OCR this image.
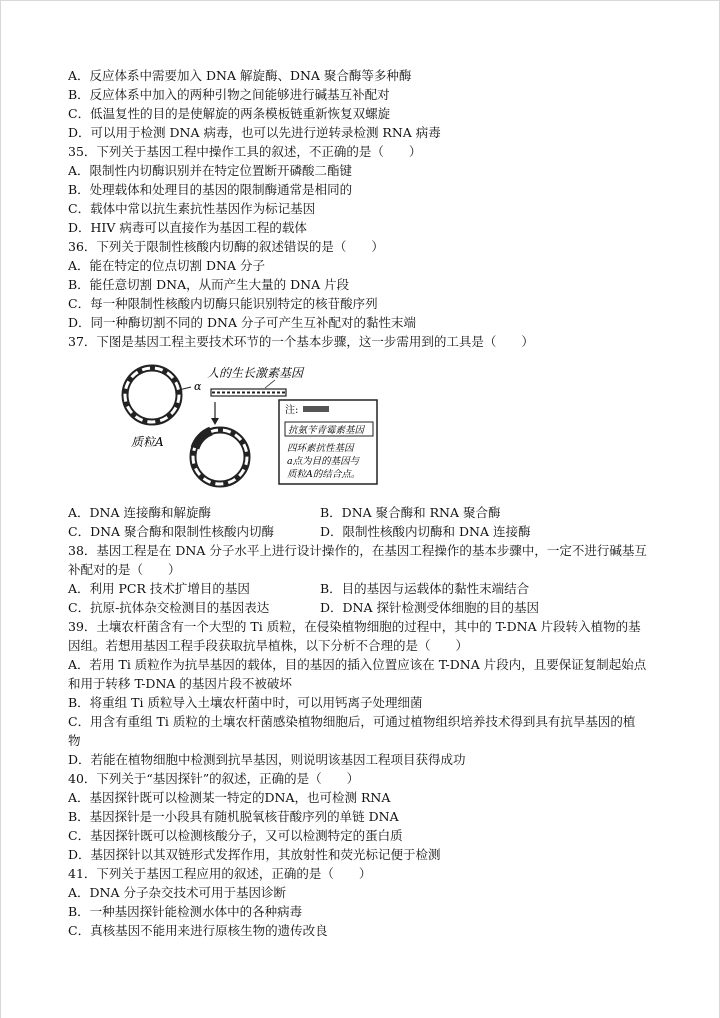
A．反应体系中需要加入 DNA 解旋酶、DNA 聚合酶等多种酶
B．反应体系中加入的两种引物之间能够进行碱基互补配对
C．低温复性的目的是使解旋的两条模板链重新恢复双螺旋
D．可以用于检测 DNA 病毒，也可以先进行逆转录检测 RNA 病毒
35．下列关于基因工程中操作工具的叙述，不正确的是（　　）
A．限制性内切酶识别并在特定位置断开磷酸二酯键
B．处理载体和处理目的基因的限制酶通常是相同的
C．载体中常以抗生素抗性基因作为标记基因
D．HIV 病毒可以直接作为基因工程的载体
36．下列关于限制性核酸内切酶的叙述错误的是（　　）
A．能在特定的位点切割 DNA 分子
B．能任意切割 DNA，从而产生大量的 DNA 片段
C．每一种限制性核酸内切酶只能识别特定的核苷酸序列
D．同一种酶切割不同的 DNA 分子可产生互补配对的黏性末端
37．下图是基因工程主要技术环节的一个基本步骤，这一步需用到的工具是（　　）
α
质粒A
人的生长激素基因
注:
抗氨苄青霉素基因
四环素抗性基因
a点为目的基因与
质粒A的结合点。
A．DNA 连接酶和解旋酶	B．DNA 聚合酶和 RNA 聚合酶
C．DNA 聚合酶和限制性核酸内切酶	D．限制性核酸内切酶和 DNA 连接酶
38．基因工程是在 DNA 分子水平上进行设计操作的，在基因工程操作的基本步骤中，一定不进行碱基互
补配对的是（　　）
A．利用 PCR 技术扩增目的基因	B．目的基因与运载体的黏性末端结合
C．抗原-抗体杂交检测目的基因表达	D．DNA 探针检测受体细胞的目的基因
39．土壤农杆菌含有一个大型的 Ti 质粒，在侵染植物细胞的过程中，其中的 T-DNA 片段转入植物的基
因组。若想用基因工程手段获取抗旱植株，以下分析不合理的是（　　）
A．若用 Ti 质粒作为抗旱基因的载体，目的基因的插入位置应该在 T-DNA 片段内，且要保证复制起始点
和用于转移 T-DNA 的基因片段不被破坏
B．将重组 Ti 质粒导入土壤农杆菌中时，可以用钙离子处理细菌
C．用含有重组 Ti 质粒的土壤农杆菌感染植物细胞后，可通过植物组织培养技术得到具有抗旱基因的植
物
D．若能在植物细胞中检测到抗旱基因，则说明该基因工程项目获得成功
40．下列关于“基因探针”的叙述，正确的是（　　）
A．基因探针既可以检测某一特定的DNA，也可检测 RNA
B．基因探针是一小段具有随机脱氧核苷酸序列的单链 DNA
C．基因探针既可以检测核酸分子，又可以检测特定的蛋白质
D．基因探针以其双链形式发挥作用，其放射性和荧光标记便于检测
41．下列关于基因工程应用的叙述，正确的是（　　）
A．DNA 分子杂交技术可用于基因诊断
B．一种基因探针能检测水体中的各种病毒
C．真核基因不能用来进行原核生物的遗传改良
